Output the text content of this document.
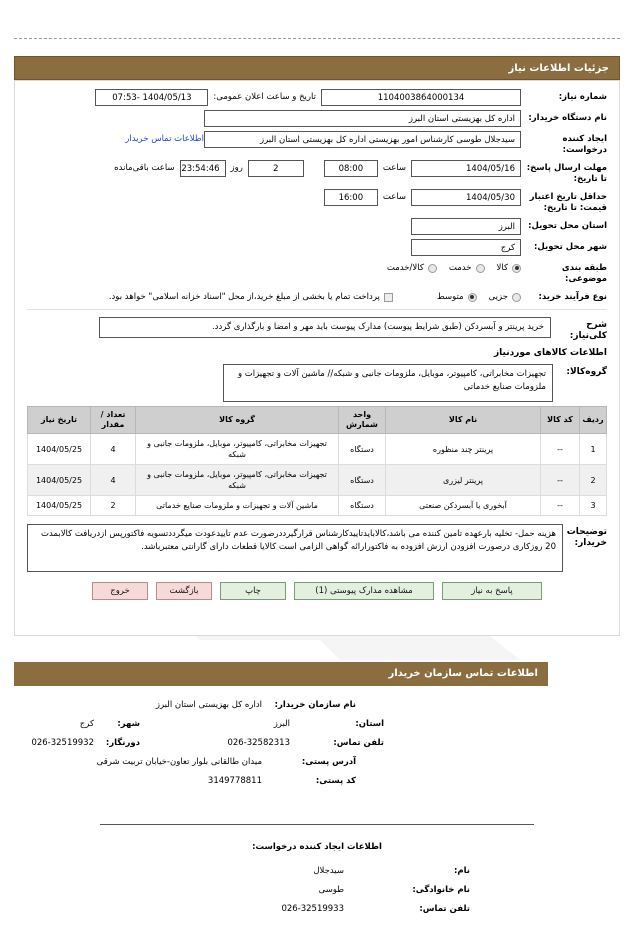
جزئیات اطلاعات نیاز
شماره نیاز:
1104003864000134
تاریخ و ساعت اعلان عمومی:
1404/05/13 -07:53
نام دستگاه خریدار:
اداره کل بهزیستی استان البرز
ایجاد کننده درخواست:
سیدجلال طوسی کارشناس امور بهزیستی اداره کل بهزیستی استان البرز
اطلاعات تماس خریدار
مهلت ارسال پاسخ: تا تاریخ:
1404/05/16
ساعت
08:00
2
روز
23:54:46
ساعت باقی‌مانده
حداقل تاریخ اعتبار قیمت: تا تاریخ:
1404/05/30
ساعت
16:00
استان محل تحویل:
البرز
شهر محل تحویل:
کرج
طبقه بندی موضوعی:
کالا
خدمت
کالا/خدمت
نوع فرآیند خرید:
جزیی
متوسط
پرداخت تمام یا بخشی از مبلغ خرید،از محل "اسناد خزانه اسلامی" خواهد بود.
شرح کلی‌نیاز:
خرید پرینتر و آبسردکن (طبق شرایط پیوست) مدارک پیوست باید مهر و امضا و بارگذاری گردد.
اطلاعات کالاهای موردنیاز
گروه‌کالا:
تجهیزات مخابراتی، کامپیوتر، موبایل، ملزومات جانبی و شبکه// ماشین آلات و تجهیزات و ملزومات صنایع خدماتی
ردیف	کد کالا	نام کالا	واحد شمارش	گروه کالا	تعداد / مقدار	تاریخ نیاز
1	--	پرینتر چند منظوره	دستگاه	تجهیزات مخابراتی، کامپیوتر، موبایل، ملزومات جانبی و شبکه	4	1404/05/25
2	--	پرینتر لیزری	دستگاه	تجهیزات مخابراتی، کامپیوتر، موبایل، ملزومات جانبی و شبکه	4	1404/05/25
3	--	آبخوری یا آبسردکن صنعتی	دستگاه	ماشین آلات و تجهیزات و ملزومات صنایع خدماتی	2	1404/05/25
توضیحات خریدار:
هزینه حمل- تخلیه بارعهده تامین کننده می باشد،کالابایدتاییدکارشناس قرارگیرددرصورت عدم تاییدعودت میگرددتسویه فاکتورپس ازدریافت کالابمدت 20 روزکاری درصورت افزودن ارزش افزوده به فاکتورارائه گواهی الزامی است کالایا قطعات دارای گارانتی معتبرباشد.
پاسخ به نیاز
مشاهده مدارک پیوستی (1)
چاپ
بازگشت
خروج
اطلاعات تماس سازمان خریدار
نام سازمان خریدار:
اداره کل بهزیستی استان البرز
استان:
البرز
شهر:
کرج
تلفن تماس:
026-32582313
دورنگار:
026-32519932
آدرس پستی:
میدان طالقانی بلوار تعاون-خیابان تربیت شرقی
کد پستی:
3149778811
اطلاعات ایجاد کننده درخواست:
نام:
سیدجلال
نام خانوادگی:
طوسی
تلفن تماس:
026-32519933
